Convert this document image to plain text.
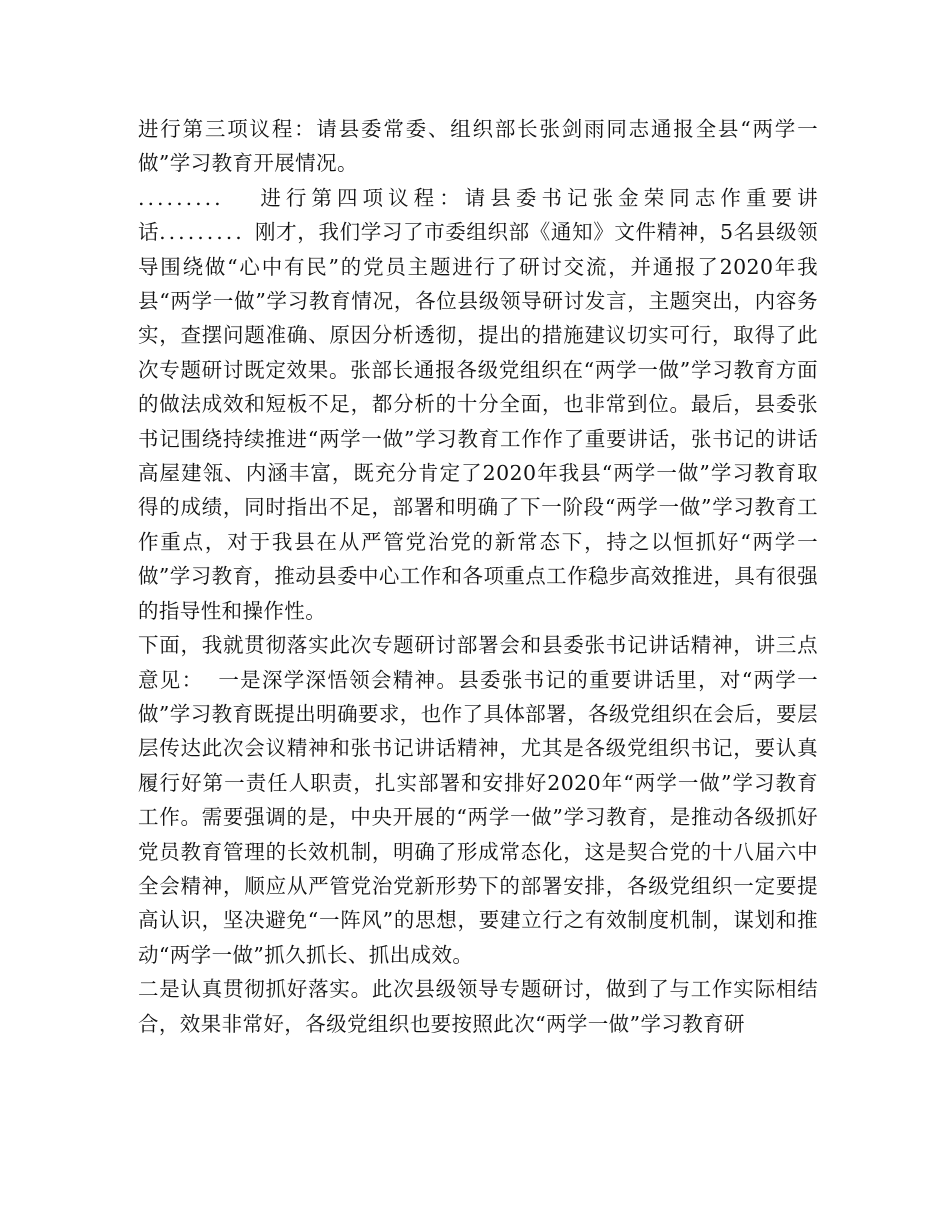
进行第三项议程：请县委常委、组织部长张剑雨同志通报全县“两学一做”学习教育开展情况。

......... 进行第四项议程：请县委书记张金荣同志作重要讲话......... 刚才，我们学习了市委组织部《通知》文件精神，5名县级领导围绕做“心中有民”的党员主题进行了研讨交流，并通报了2020年我县“两学一做”学习教育情况，各位县级领导研讨发言，主题突出，内容务实，查摆问题准确、原因分析透彻，提出的措施建议切实可行，取得了此次专题研讨既定效果。张部长通报各级党组织在“两学一做”学习教育方面的做法成效和短板不足，都分析的十分全面，也非常到位。最后，县委张书记围绕持续推进“两学一做”学习教育工作作了重要讲话，张书记的讲话高屋建瓴、内涵丰富，既充分肯定了2020年我县“两学一做”学习教育取得的成绩，同时指出不足，部署和明确了下一阶段“两学一做”学习教育工作重点，对于我县在从严管党治党的新常态下，持之以恒抓好“两学一做”学习教育，推动县委中心工作和各项重点工作稳步高效推进，具有很强的指导性和操作性。

下面，我就贯彻落实此次专题研讨部署会和县委张书记讲话精神，讲三点意见： 一是深学深悟领会精神。县委张书记的重要讲话里，对“两学一做”学习教育既提出明确要求，也作了具体部署，各级党组织在会后，要层层传达此次会议精神和张书记讲话精神，尤其是各级党组织书记，要认真履行好第一责任人职责，扎实部署和安排好2020年“两学一做”学习教育工作。需要强调的是，中央开展的“两学一做”学习教育，是推动各级抓好党员教育管理的长效机制，明确了形成常态化，这是契合党的十八届六中全会精神，顺应从严管党治党新形势下的部署安排，各级党组织一定要提高认识，坚决避免“一阵风”的思想，要建立行之有效制度机制，谋划和推动“两学一做”抓久抓长、抓出成效。

二是认真贯彻抓好落实。此次县级领导专题研讨，做到了与工作实际相结合，效果非常好，各级党组织也要按照此次“两学一做”学习教育研
